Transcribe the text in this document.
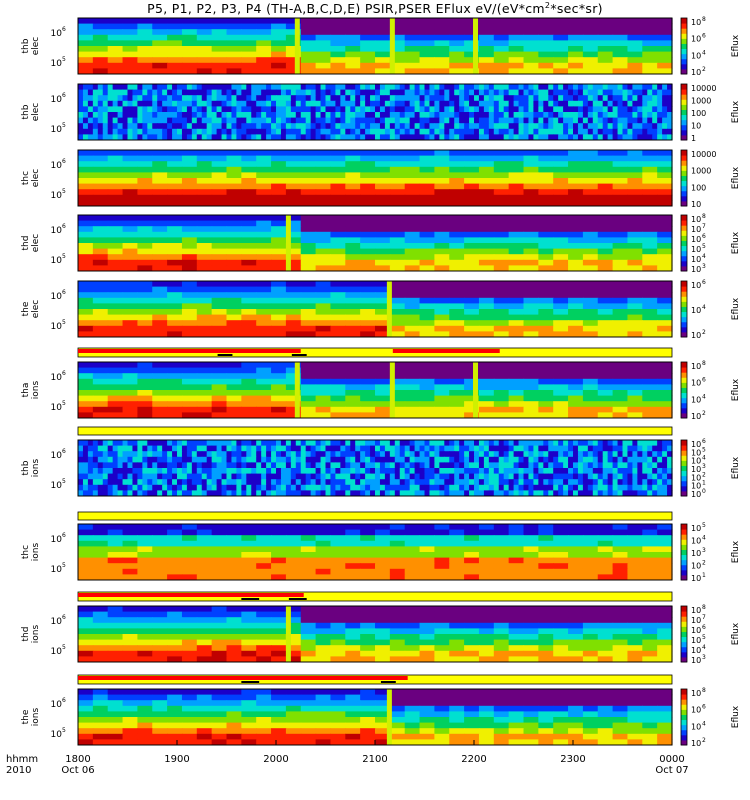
P5, P1, P2, P3, P4 (TH-A,B,C,D,E) PSIR,PSER EFlux $eV/(eV*cm^2*\sec*sr)$
thb elec
10 6
10 5
10 8
10 6
10 4
10 2
Eflux
thb elec
10 6
10 5
10000
1000
100
10
1
Eflux
thc elec
10 6
10 5
10000
1000
100
10
Eflux
thd elec
10 6
10 5
10 8
10 7
10 6
10 5
10 4
10 3
Eflux
the elec
10 6
10 5
10 6
10 4
10 2
Eflux
tha ions
10 6
10 5
10 8
10 6
10 4
10 2
Eflux
thb ions
10 6
10 5
10 6
10 5
10 4
10 3
10 2
10 1
10 0
Eflux
thc ions
10 6
10 5
10 5
10 4
10 3
10 2
10 1
Eflux
thd ions
10 6
10 5
10 8
10 7
10 6
10 5
10 4
10 3
Eflux
the ions
10 6
10 5
10 8
10 6
10 4
10 2
Eflux
1800	1900	2000	2100	2200	2300	0000
Oct 06	Oct 07
hhmm
2010
